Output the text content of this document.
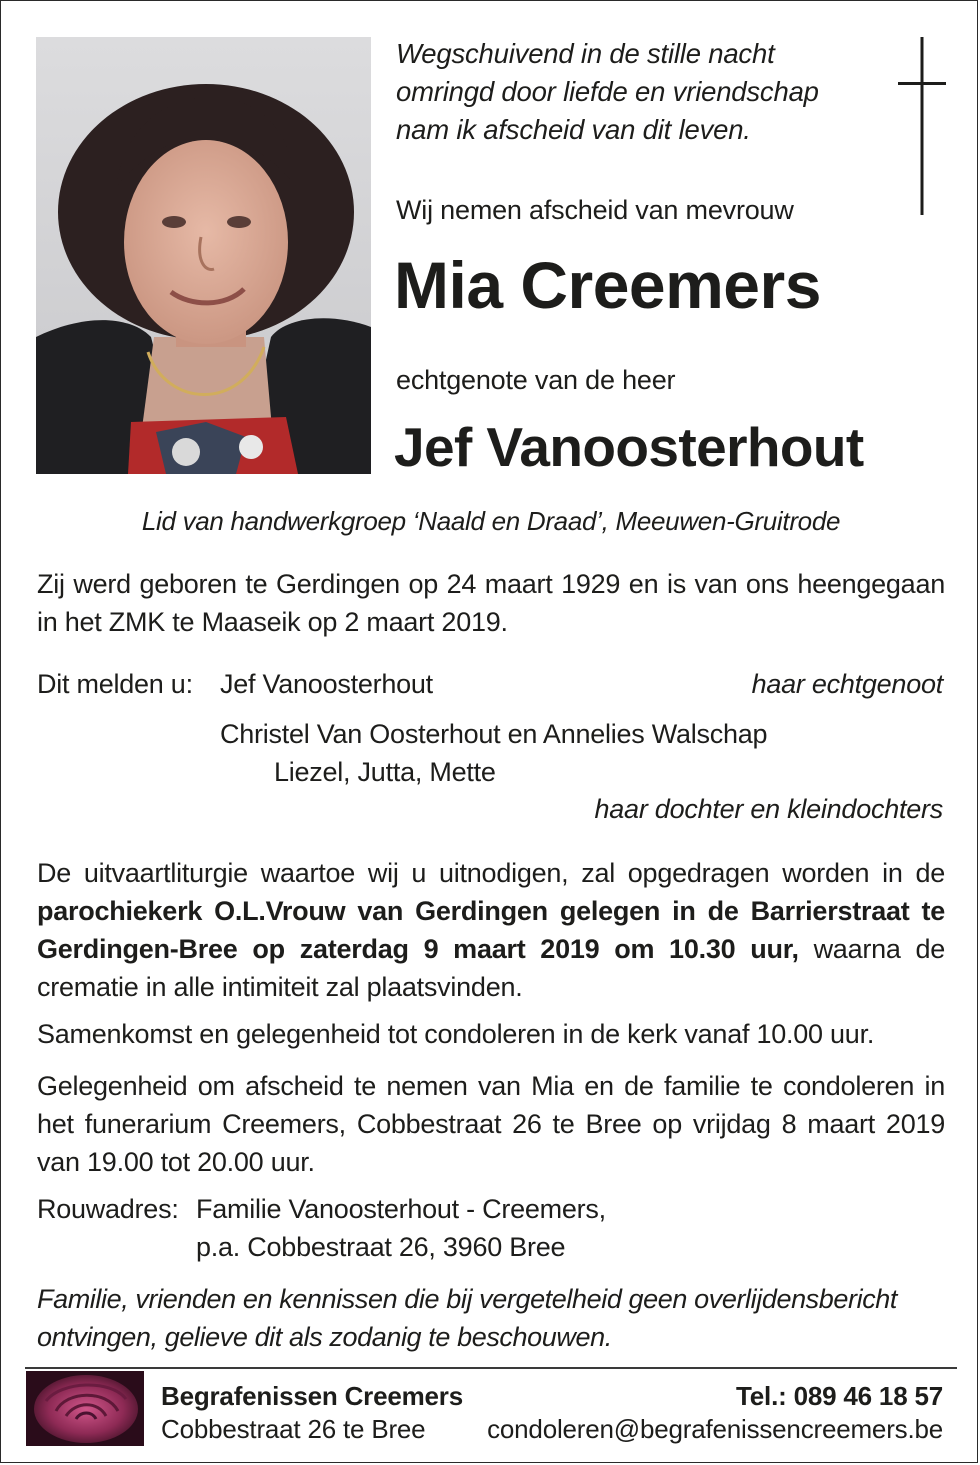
Wegschuivend in de stille nacht
omringd door liefde en vriendschap
nam ik afscheid van dit leven.
Wij nemen afscheid van mevrouw
Mia Creemers
echtgenote van de heer
Jef Vanoosterhout
Lid van handwerkgroep ‘Naald en Draad’, Meeuwen-Gruitrode
Zij werd geboren te Gerdingen op 24 maart 1929 en is van ons heengegaan in het ZMK te Maaseik op 2 maart 2019.
Dit melden u: Jef Vanoosterhout	haar echtgenoot
Christel Van Oosterhout en Annelies Walschap
Liezel, Jutta, Mette
haar dochter en kleindochters
De uitvaartliturgie waartoe wij u uitnodigen, zal opgedragen worden in de parochiekerk O.L.Vrouw van Gerdingen gelegen in de Barrierstraat te Gerdingen-Bree op zaterdag 9 maart 2019 om 10.30 uur, waarna de crematie in alle intimiteit zal plaatsvinden.
Samenkomst en gelegenheid tot condoleren in de kerk vanaf 10.00 uur.
Gelegenheid om afscheid te nemen van Mia en de familie te condoleren in het funerarium Creemers, Cobbestraat 26 te Bree op vrijdag 8 maart 2019 van 19.00 tot 20.00 uur.
Rouwadres: Familie Vanoosterhout - Creemers,
p.a. Cobbestraat 26, 3960 Bree
Familie, vrienden en kennissen die bij vergetelheid geen overlijdensbericht
ontvingen, gelieve dit als zodanig te beschouwen.
Begrafenissen Creemers
Cobbestraat 26 te Bree
Tel.: 089 46 18 57
condoleren@begrafenissencreemers.be
